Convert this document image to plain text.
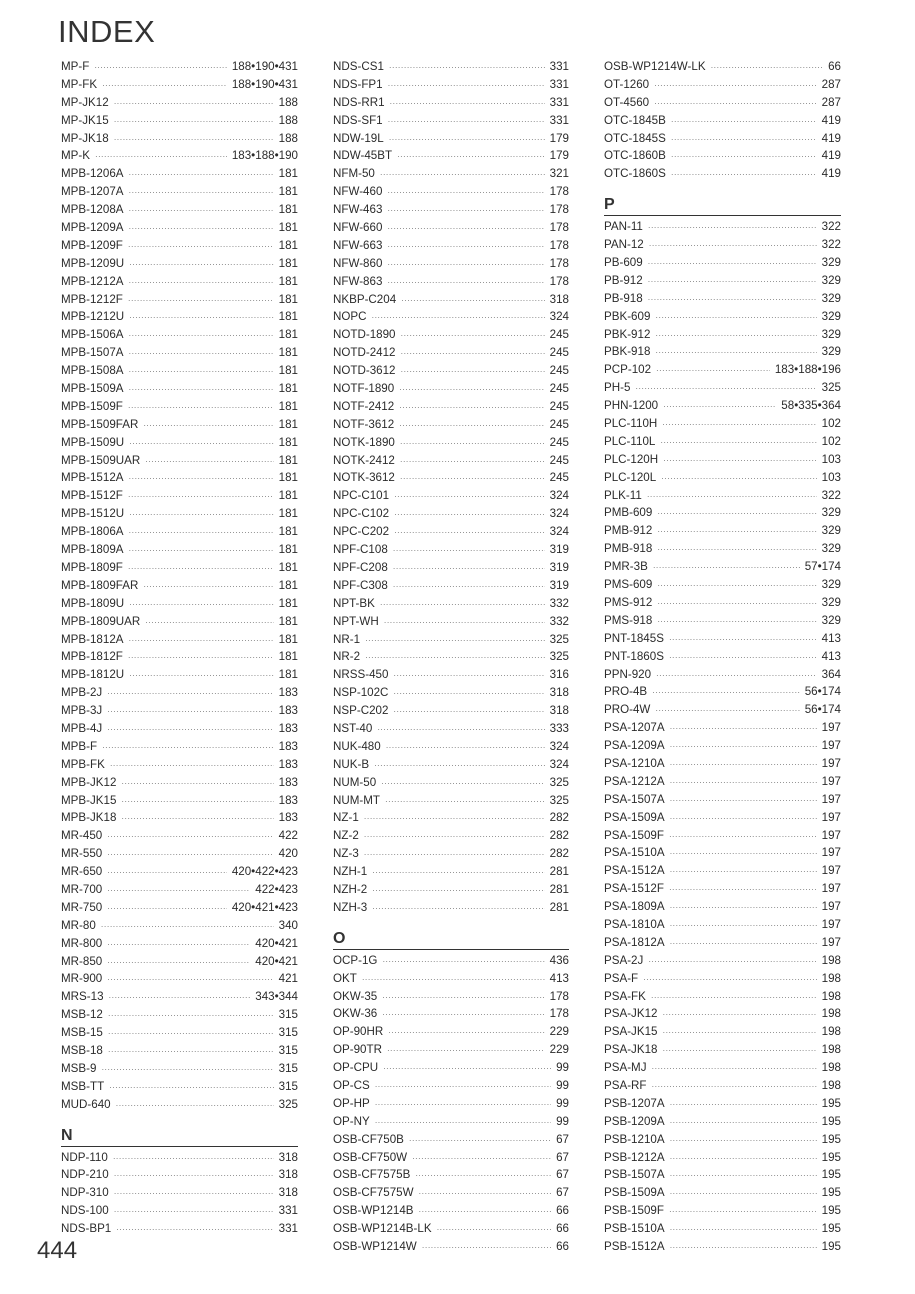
INDEX
MP-F ·····	188•190•431
MP-FK ·····	188•190•431
MP-JK12 ·····	188
MP-JK15 ·····	188
MP-JK18 ·····	188
MP-K ·····	183•188•190
MPB-1206A ·····	181
MPB-1207A ·····	181
MPB-1208A ·····	181
MPB-1209A ·····	181
MPB-1209F ·····	181
MPB-1209U ·····	181
MPB-1212A ·····	181
MPB-1212F ·····	181
MPB-1212U ·····	181
MPB-1506A ·····	181
MPB-1507A ·····	181
MPB-1508A ·····	181
MPB-1509A ·····	181
MPB-1509F ·····	181
MPB-1509FAR ·····	181
MPB-1509U ·····	181
MPB-1509UAR ·····	181
MPB-1512A ·····	181
MPB-1512F ·····	181
MPB-1512U ·····	181
MPB-1806A ·····	181
MPB-1809A ·····	181
MPB-1809F ·····	181
MPB-1809FAR ·····	181
MPB-1809U ·····	181
MPB-1809UAR ·····	181
MPB-1812A ·····	181
MPB-1812F ·····	181
MPB-1812U ·····	181
MPB-2J ·····	183
MPB-3J ·····	183
MPB-4J ·····	183
MPB-F ·····	183
MPB-FK ·····	183
MPB-JK12 ·····	183
MPB-JK15 ·····	183
MPB-JK18 ·····	183
MR-450 ·····	422
MR-550 ·····	420
MR-650 ·····	420•422•423
MR-700 ·····	422•423
MR-750 ·····	420•421•423
MR-80 ·····	340
MR-800 ·····	420•421
MR-850 ·····	420•421
MR-900 ·····	421
MRS-13 ·····	343•344
MSB-12 ·····	315
MSB-15 ·····	315
MSB-18 ·····	315
MSB-9 ·····	315
MSB-TT ·····	315
MUD-640 ·····	325
N
NDP-110 ·····	318
NDP-210 ·····	318
NDP-310 ·····	318
NDS-100 ·····	331
NDS-BP1 ·····	331
NDS-CS1 ·····	331
NDS-FP1 ·····	331
NDS-RR1 ·····	331
NDS-SF1 ·····	331
NDW-19L ·····	179
NDW-45BT ·····	179
NFM-50 ·····	321
NFW-460 ·····	178
NFW-463 ·····	178
NFW-660 ·····	178
NFW-663 ·····	178
NFW-860 ·····	178
NFW-863 ·····	178
NKBP-C204 ·····	318
NOPC ·····	324
NOTD-1890 ·····	245
NOTD-2412 ·····	245
NOTD-3612 ·····	245
NOTF-1890 ·····	245
NOTF-2412 ·····	245
NOTF-3612 ·····	245
NOTK-1890 ·····	245
NOTK-2412 ·····	245
NOTK-3612 ·····	245
NPC-C101 ·····	324
NPC-C102 ·····	324
NPC-C202 ·····	324
NPF-C108 ·····	319
NPF-C208 ·····	319
NPF-C308 ·····	319
NPT-BK ·····	332
NPT-WH ·····	332
NR-1 ·····	325
NR-2 ·····	325
NRSS-450 ·····	316
NSP-102C ·····	318
NSP-C202 ·····	318
NST-40 ·····	333
NUK-480 ·····	324
NUK-B ·····	324
NUM-50 ·····	325
NUM-MT ·····	325
NZ-1 ·····	282
NZ-2 ·····	282
NZ-3 ·····	282
NZH-1 ·····	281
NZH-2 ·····	281
NZH-3 ·····	281
O
OCP-1G ·····	436
OKT ·····	413
OKW-35 ·····	178
OKW-36 ·····	178
OP-90HR ·····	229
OP-90TR ·····	229
OP-CPU ·····	99
OP-CS ·····	99
OP-HP ·····	99
OP-NY ·····	99
OSB-CF750B ·····	67
OSB-CF750W ·····	67
OSB-CF7575B ·····	67
OSB-CF7575W ·····	67
OSB-WP1214B ·····	66
OSB-WP1214B-LK ·····	66
OSB-WP1214W ·····	66
OSB-WP1214W-LK ·····	66
OT-1260 ·····	287
OT-4560 ·····	287
OTC-1845B ·····	419
OTC-1845S ·····	419
OTC-1860B ·····	419
OTC-1860S ·····	419
P
PAN-11 ·····	322
PAN-12 ·····	322
PB-609 ·····	329
PB-912 ·····	329
PB-918 ·····	329
PBK-609 ·····	329
PBK-912 ·····	329
PBK-918 ·····	329
PCP-102 ·····	183•188•196
PH-5 ·····	325
PHN-1200 ·····	58•335•364
PLC-110H ·····	102
PLC-110L ·····	102
PLC-120H ·····	103
PLC-120L ·····	103
PLK-11 ·····	322
PMB-609 ·····	329
PMB-912 ·····	329
PMB-918 ·····	329
PMR-3B ·····	57•174
PMS-609 ·····	329
PMS-912 ·····	329
PMS-918 ·····	329
PNT-1845S ·····	413
PNT-1860S ·····	413
PPN-920 ·····	364
PRO-4B ·····	56•174
PRO-4W ·····	56•174
PSA-1207A ·····	197
PSA-1209A ·····	197
PSA-1210A ·····	197
PSA-1212A ·····	197
PSA-1507A ·····	197
PSA-1509A ·····	197
PSA-1509F ·····	197
PSA-1510A ·····	197
PSA-1512A ·····	197
PSA-1512F ·····	197
PSA-1809A ·····	197
PSA-1810A ·····	197
PSA-1812A ·····	197
PSA-2J ·····	198
PSA-F ·····	198
PSA-FK ·····	198
PSA-JK12 ·····	198
PSA-JK15 ·····	198
PSA-JK18 ·····	198
PSA-MJ ·····	198
PSA-RF ·····	198
PSB-1207A ·····	195
PSB-1209A ·····	195
PSB-1210A ·····	195
PSB-1212A ·····	195
PSB-1507A ·····	195
PSB-1509A ·····	195
PSB-1509F ·····	195
PSB-1510A ·····	195
PSB-1512A ·····	195
444
